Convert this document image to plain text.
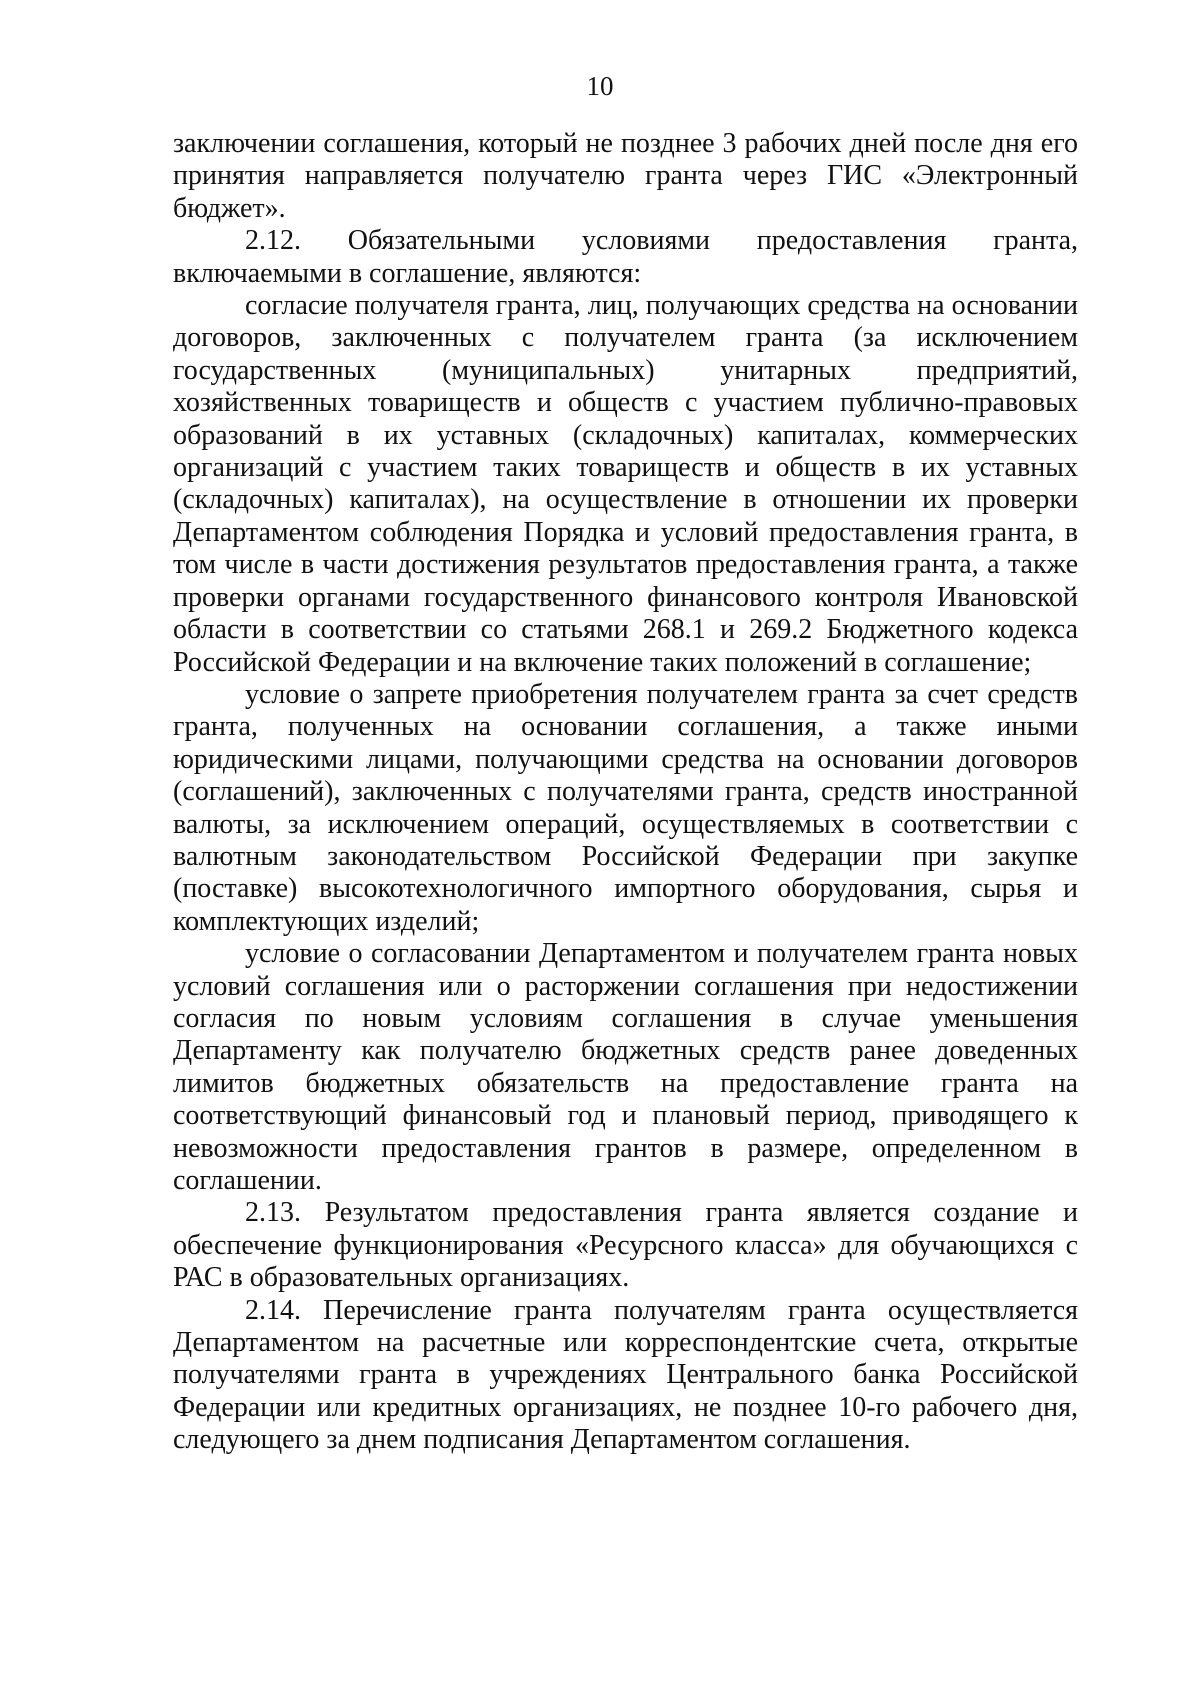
10

заключении соглашения, который не позднее 3 рабочих дней после дня его принятия направляется получателю гранта через ГИС «Электронный бюджет».

2.12. Обязательными условиями предоставления гранта, включаемыми в соглашение, являются:

согласие получателя гранта, лиц, получающих средства на основании договоров, заключенных с получателем гранта (за исключением государственных (муниципальных) унитарных предприятий, хозяйственных товариществ и обществ с участием публично-правовых образований в их уставных (складочных) капиталах, коммерческих организаций с участием таких товариществ и обществ в их уставных (складочных) капиталах), на осуществление в отношении их проверки Департаментом соблюдения Порядка и условий предоставления гранта, в том числе в части достижения результатов предоставления гранта, а также проверки органами государственного финансового контроля Ивановской области в соответствии со статьями 268.1 и 269.2 Бюджетного кодекса Российской Федерации и на включение таких положений в соглашение;

условие о запрете приобретения получателем гранта за счет средств гранта, полученных на основании соглашения, а также иными юридическими лицами, получающими средства на основании договоров (соглашений), заключенных с получателями гранта, средств иностранной валюты, за исключением операций, осуществляемых в соответствии с валютным законодательством Российской Федерации при закупке (поставке) высокотехнологичного импортного оборудования, сырья и комплектующих изделий;

условие о согласовании Департаментом и получателем гранта новых условий соглашения или о расторжении соглашения при недостижении согласия по новым условиям соглашения в случае уменьшения Департаменту как получателю бюджетных средств ранее доведенных лимитов бюджетных обязательств на предоставление гранта на соответствующий финансовый год и плановый период, приводящего к невозможности предоставления грантов в размере, определенном в соглашении.

2.13. Результатом предоставления гранта является создание и обеспечение функционирования «Ресурсного класса» для обучающихся с РАС в образовательных организациях.

2.14. Перечисление гранта получателям гранта осуществляется Департаментом на расчетные или корреспондентские счета, открытые получателями гранта в учреждениях Центрального банка Российской Федерации или кредитных организациях, не позднее 10-го рабочего дня, следующего за днем подписания Департаментом соглашения.
